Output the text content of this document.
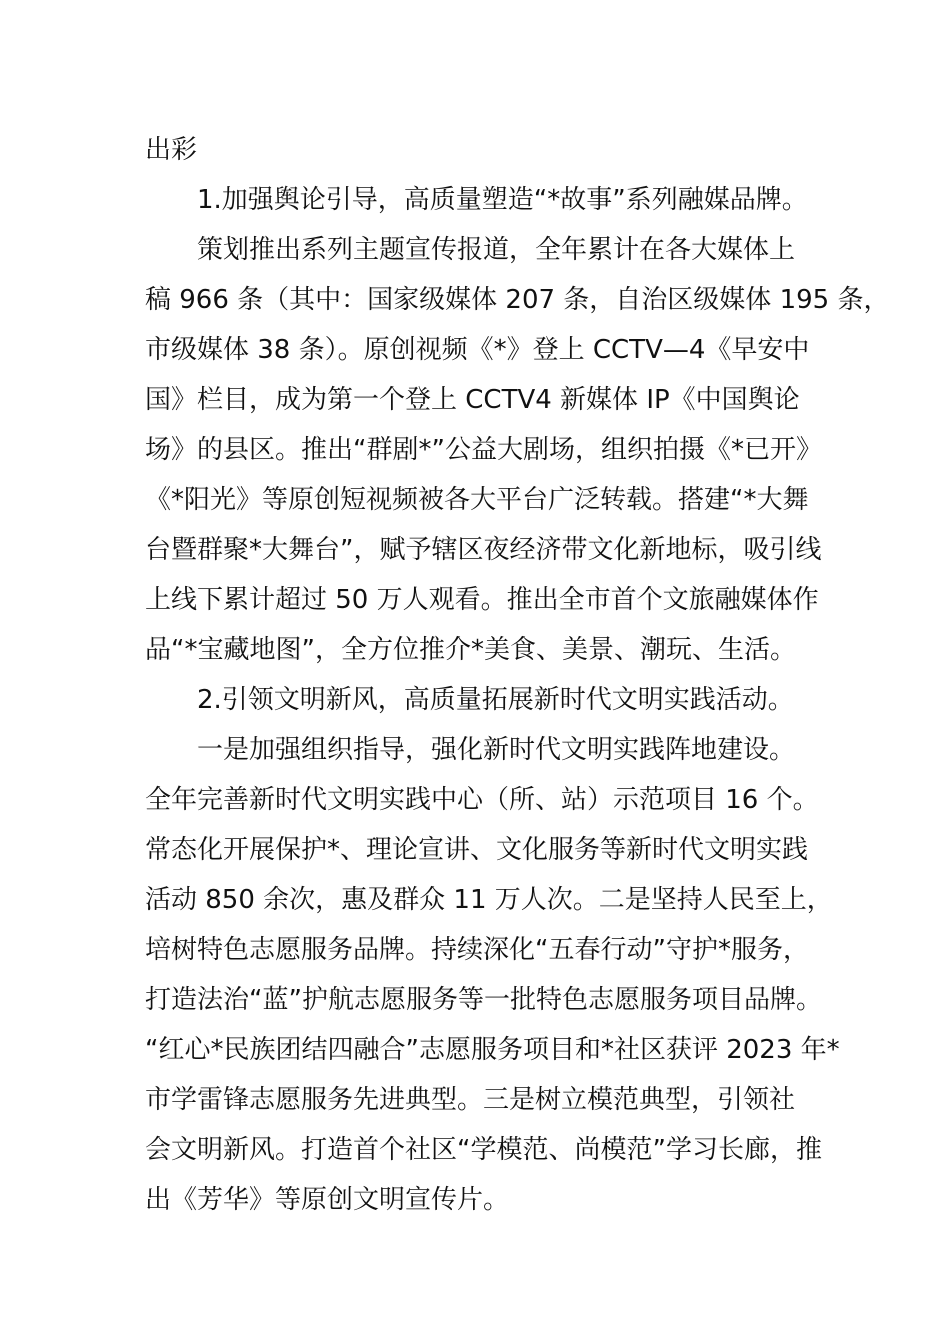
出彩
1.加强舆论引导，高质量塑造“*故事”系列融媒品牌。
策划推出系列主题宣传报道，全年累计在各大媒体上
稿 966 条（其中：国家级媒体 207 条，自治区级媒体 195 条，
市级媒体 38 条）。原创视频《*》登上 CCTV—4《早安中
国》栏目，成为第一个登上 CCTV4 新媒体 IP《中国舆论
场》的县区。推出“群剧*”公益大剧场，组织拍摄《*已开》
《*阳光》等原创短视频被各大平台广泛转载。搭建“*大舞
台暨群聚*大舞台”，赋予辖区夜经济带文化新地标，吸引线
上线下累计超过 50 万人观看。推出全市首个文旅融媒体作
品“*宝藏地图”，全方位推介*美食、美景、潮玩、生活。
2.引领文明新风，高质量拓展新时代文明实践活动。
一是加强组织指导，强化新时代文明实践阵地建设。
全年完善新时代文明实践中心（所、站）示范项目 16 个。
常态化开展保护*、理论宣讲、文化服务等新时代文明实践
活动 850 余次，惠及群众 11 万人次。二是坚持人民至上，
培树特色志愿服务品牌。持续深化“五春行动”守护*服务，
打造法治“蓝”护航志愿服务等一批特色志愿服务项目品牌。
“红心*民族团结四融合”志愿服务项目和*社区获评 2023 年*
市学雷锋志愿服务先进典型。三是树立模范典型，引领社
会文明新风。打造首个社区“学模范、尚模范”学习长廊，推
出《芳华》等原创文明宣传片。
